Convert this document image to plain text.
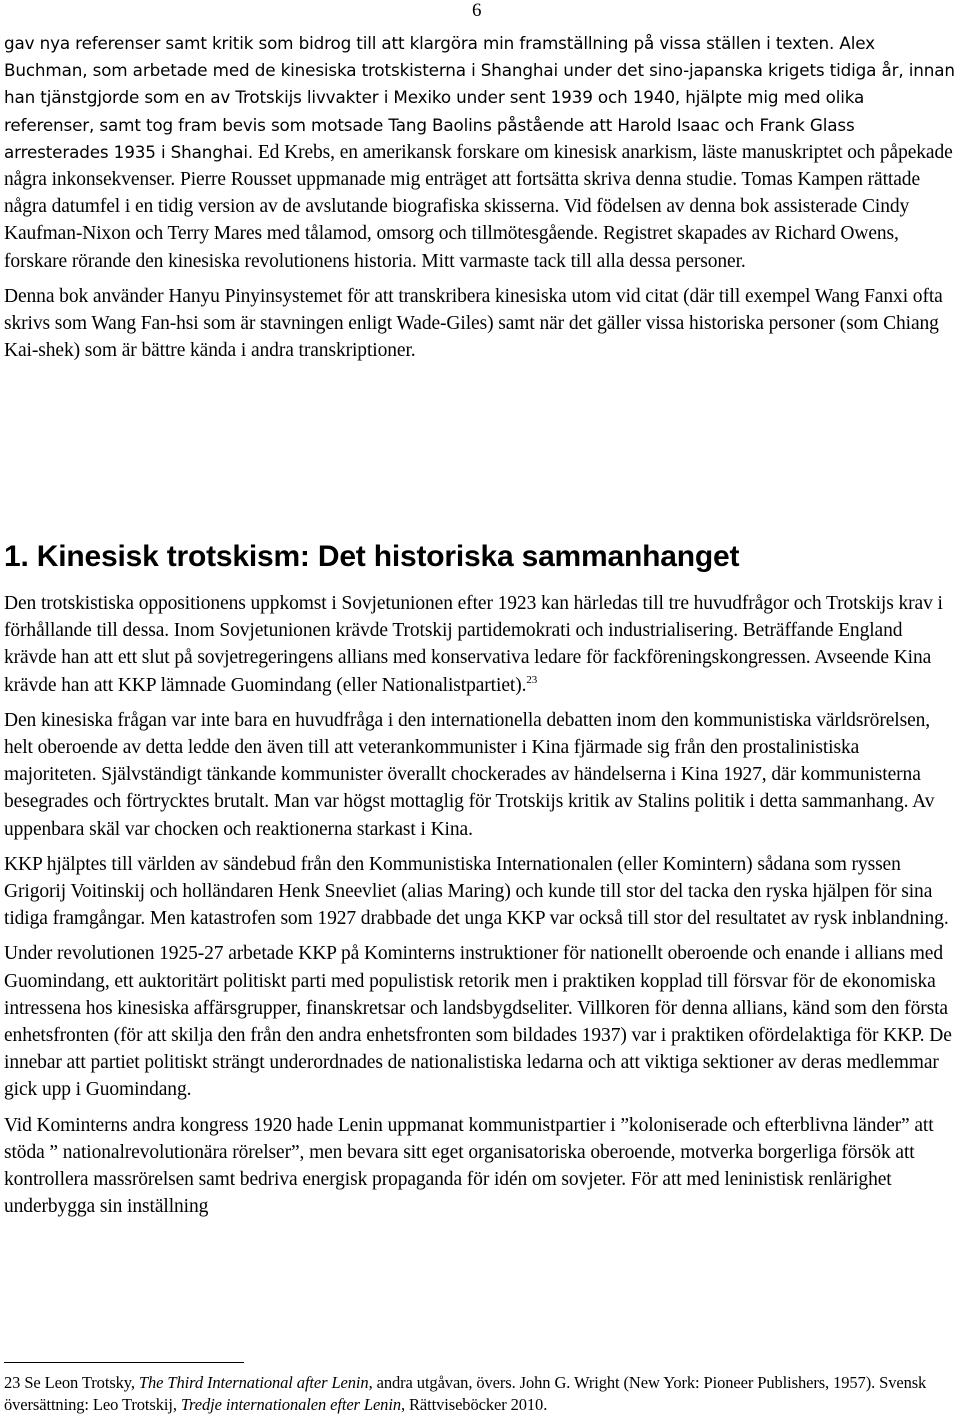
6

gav nya referenser samt kritik som bidrog till att klargöra min framställning på vissa ställen i texten. Alex Buchman, som arbetade med de kinesiska trotskisterna i Shanghai under det sino-japanska krigets tidiga år, innan han tjänstgjorde som en av Trotskijs livvakter i Mexiko under sent 1939 och 1940, hjälpte mig med olika referenser, samt tog fram bevis som motsade Tang Baolins påstående att Harold Isaac och Frank Glass arresterades 1935 i Shanghai. Ed Krebs, en amerikansk forskare om kinesisk anarkism, läste manuskriptet och påpekade några inkonsekvenser. Pierre Rousset uppmanade mig enträget att fortsätta skriva denna studie. Tomas Kampen rättade några datumfel i en tidig version av de avslutande biografiska skisserna. Vid födelsen av denna bok assisterade Cindy Kaufman-Nixon och Terry Mares med tålamod, omsorg och tillmötesgående. Registret skapades av Richard Owens, forskare rörande den kinesiska revolutionens historia. Mitt varmaste tack till alla dessa personer.

Denna bok använder Hanyu Pinyinsystemet för att transkribera kinesiska utom vid citat (där till exempel Wang Fanxi ofta skrivs som Wang Fan-hsi som är stavningen enligt Wade-Giles) samt när det gäller vissa historiska personer (som Chiang Kai-shek) som är bättre kända i andra transkriptioner.

1. Kinesisk trotskism: Det historiska sammanhanget

Den trotskistiska oppositionens uppkomst i Sovjetunionen efter 1923 kan härledas till tre huvudfrågor och Trotskijs krav i förhållande till dessa. Inom Sovjetunionen krävde Trotskij partidemokrati och industrialisering. Beträffande England krävde han att ett slut på sovjetregeringens allians med konservativa ledare för fackföreningskongressen. Avseende Kina krävde han att KKP lämnade Guomindang (eller Nationalistpartiet).$^{23}$

Den kinesiska frågan var inte bara en huvudfråga i den internationella debatten inom den kommunistiska världsrörelsen, helt oberoende av detta ledde den även till att veterankommunister i Kina fjärmade sig från den prostalinistiska majoriteten. Självständigt tänkande kommunister överallt chockerades av händelserna i Kina 1927, där kommunisterna besegrades och förtrycktes brutalt. Man var högst mottaglig för Trotskijs kritik av Stalins politik i detta sammanhang. Av uppenbara skäl var chocken och reaktionerna starkast i Kina.

KKP hjälptes till världen av sändebud från den Kommunistiska Internationalen (eller Komintern) sådana som ryssen Grigorij Voitinskij och holländaren Henk Sneevliet (alias Maring) och kunde till stor del tacka den ryska hjälpen för sina tidiga framgångar. Men katastrofen som 1927 drabbade det unga KKP var också till stor del resultatet av rysk inblandning.

Under revolutionen 1925-27 arbetade KKP på Kominterns instruktioner för nationellt oberoende och enande i allians med Guomindang, ett auktoritärt politiskt parti med populistisk retorik men i praktiken kopplad till försvar för de ekonomiska intressena hos kinesiska affärsgrupper, finanskretsar och landsbygdseliter. Villkoren för denna allians, känd som den första enhetsfronten (för att skilja den från den andra enhetsfronten som bildades 1937) var i praktiken ofördelaktiga för KKP. De innebar att partiet politiskt strängt underordnades de nationalistiska ledarna och att viktiga sektioner av deras medlemmar gick upp i Guomindang.

Vid Kominterns andra kongress 1920 hade Lenin uppmanat kommunistpartier i ”koloniserade och efterblivna länder” att stöda ” nationalrevolutionära rörelser”, men bevara sitt eget organisatoriska oberoende, motverka borgerliga försök att kontrollera massrörelsen samt bedriva energisk propaganda för idén om sovjeter. För att med leninistisk renlärighet underbygga sin inställning

23 Se Leon Trotsky, The Third International after Lenin, andra utgåvan, övers. John G. Wright (New York: Pioneer Publishers, 1957). Svensk översättning: Leo Trotskij, Tredje internationalen efter Lenin, Rättviseböcker 2010.
